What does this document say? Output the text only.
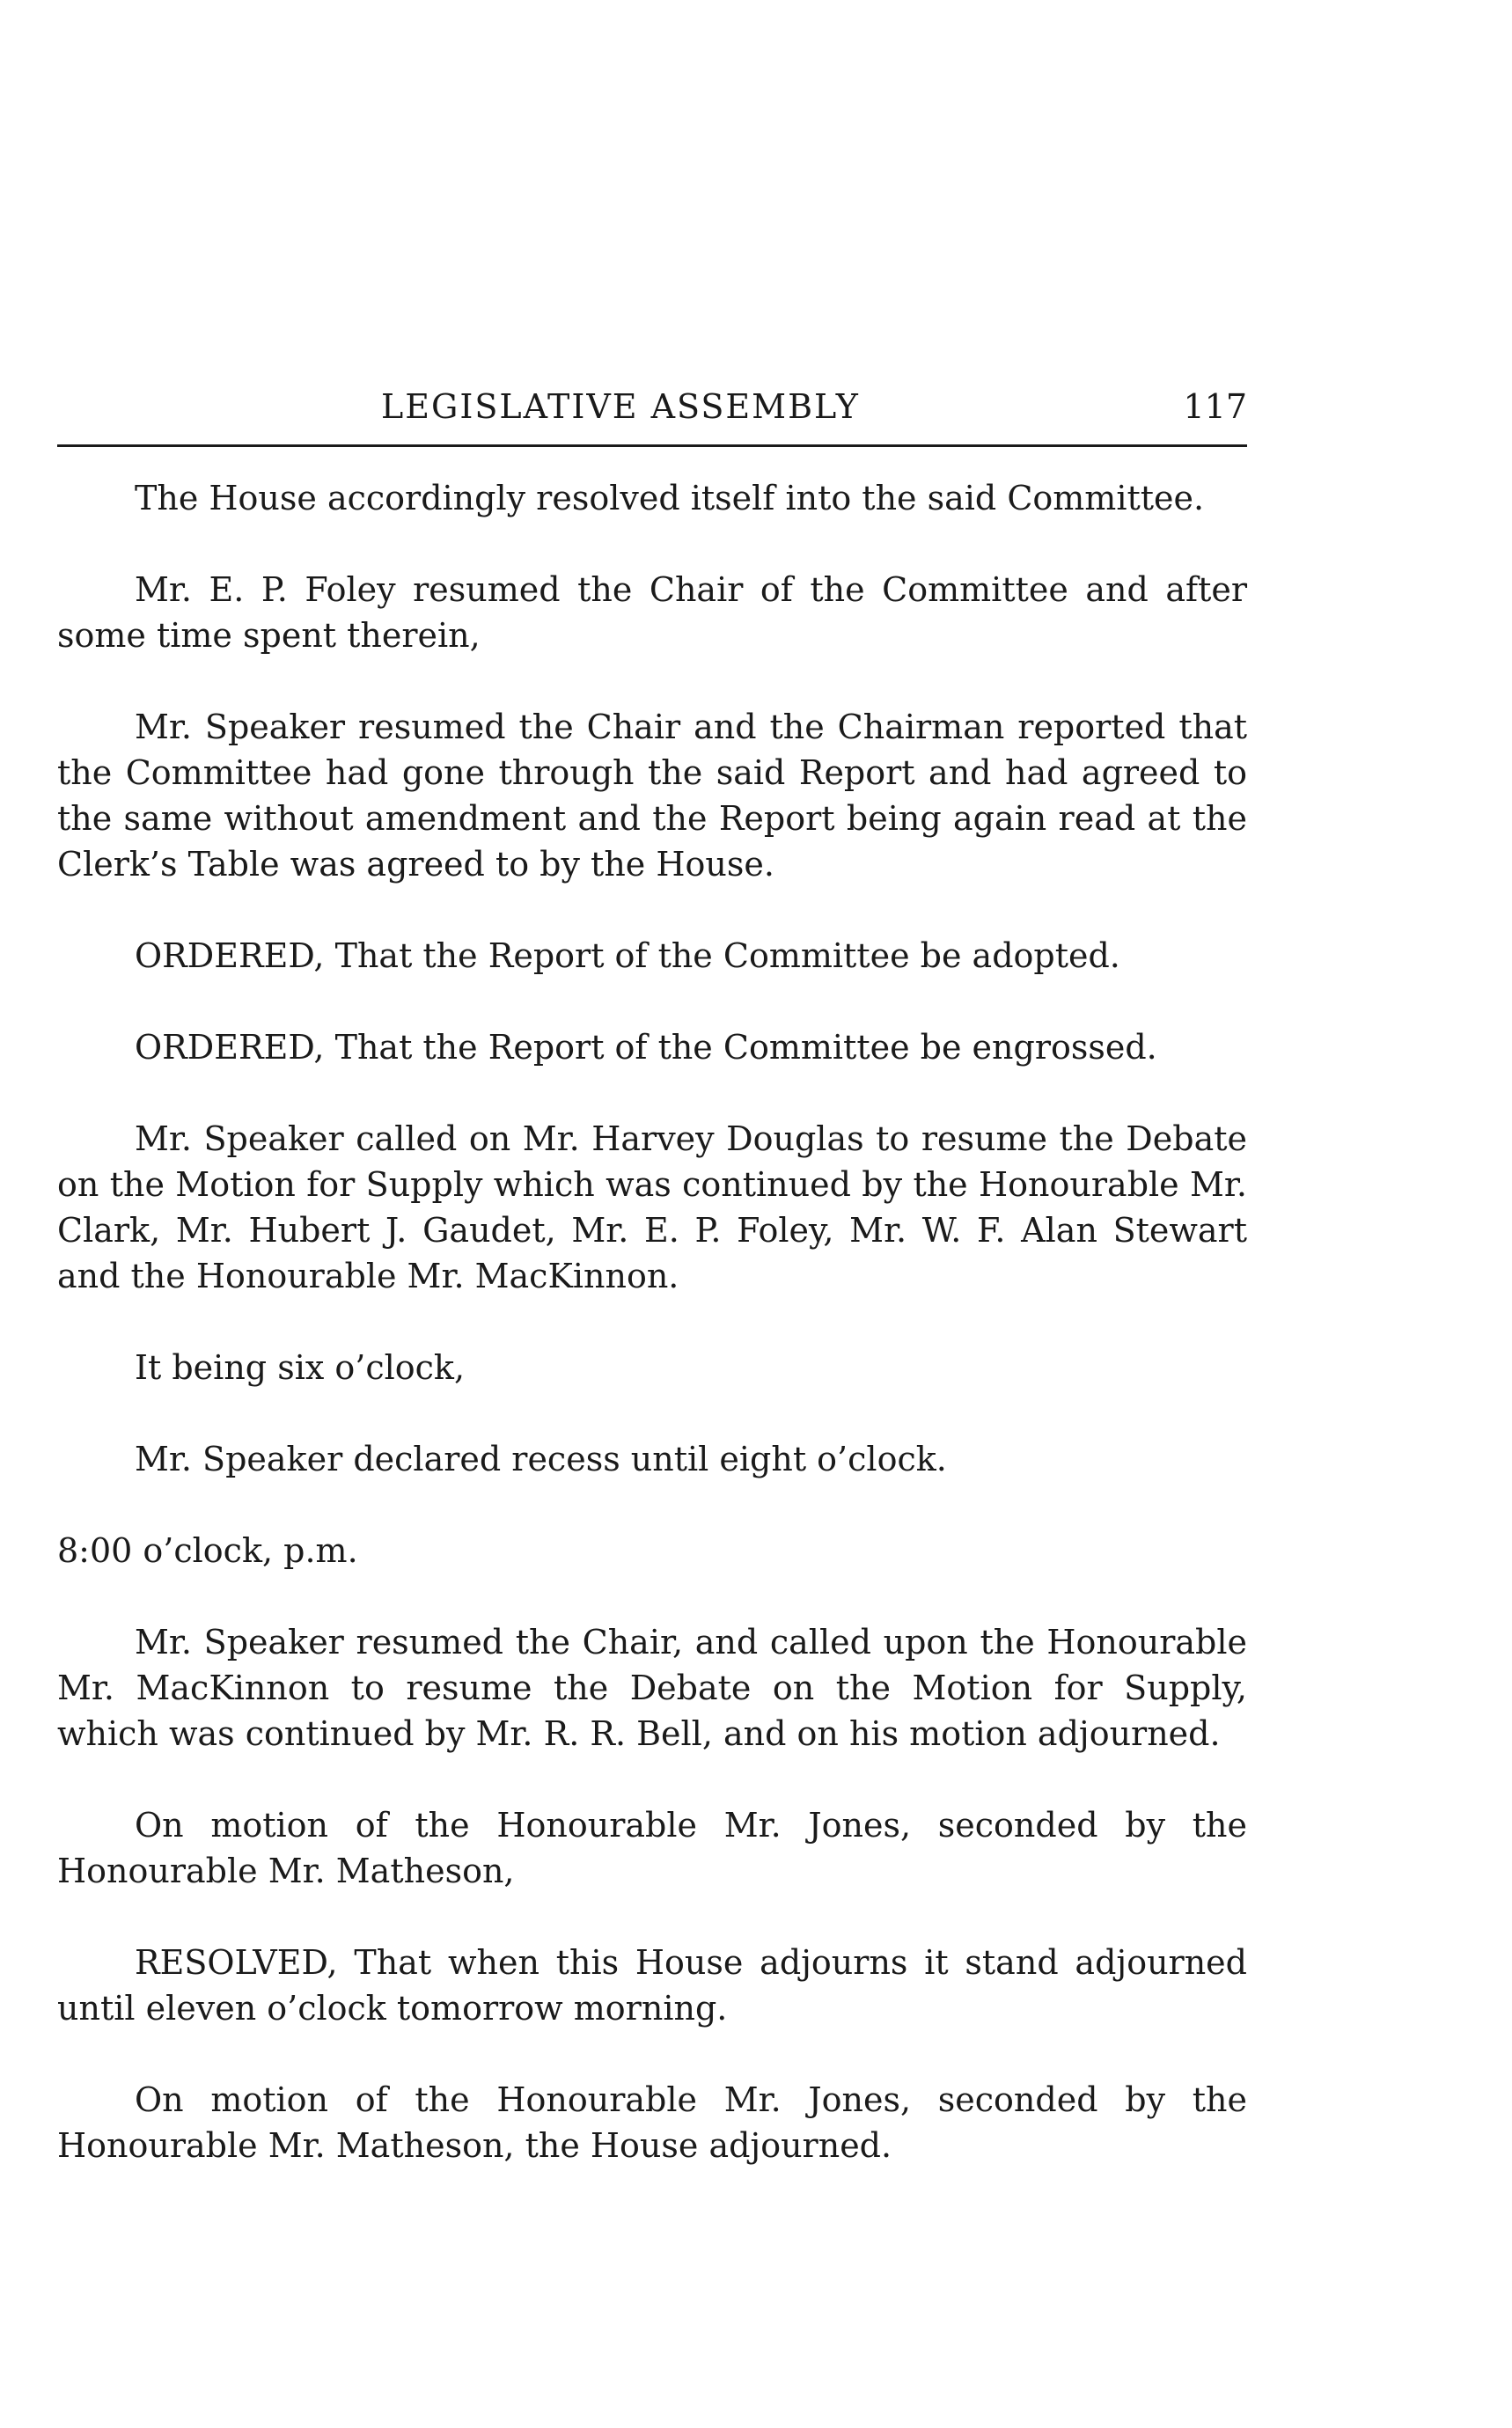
LEGISLATIVE ASSEMBLY	117

The House accordingly resolved itself into the said Committee.

Mr. E. P. Foley resumed the Chair of the Committee and after some time spent therein,

Mr. Speaker resumed the Chair and the Chairman reported that the Committee had gone through the said Report and had agreed to the same without amendment and the Report being again read at the Clerk’s Table was agreed to by the House.

ORDERED, That the Report of the Committee be adopted.

ORDERED, That the Report of the Committee be engrossed.

Mr. Speaker called on Mr. Harvey Douglas to resume the Debate on the Motion for Supply which was continued by the Honourable Mr. Clark, Mr. Hubert J. Gaudet, Mr. E. P. Foley, Mr. W. F. Alan Stewart and the Honourable Mr. MacKinnon.

It being six o’clock,

Mr. Speaker declared recess until eight o’clock.

8:00 o’clock, p.m.

Mr. Speaker resumed the Chair, and called upon the Honourable Mr. MacKinnon to resume the Debate on the Motion for Supply, which was continued by Mr. R. R. Bell, and on his motion adjourned.

On motion of the Honourable Mr. Jones, seconded by the Honourable Mr. Matheson,

RESOLVED, That when this House adjourns it stand adjourned until eleven o’clock tomorrow morning.

On motion of the Honourable Mr. Jones, seconded by the Honourable Mr. Matheson, the House adjourned.
